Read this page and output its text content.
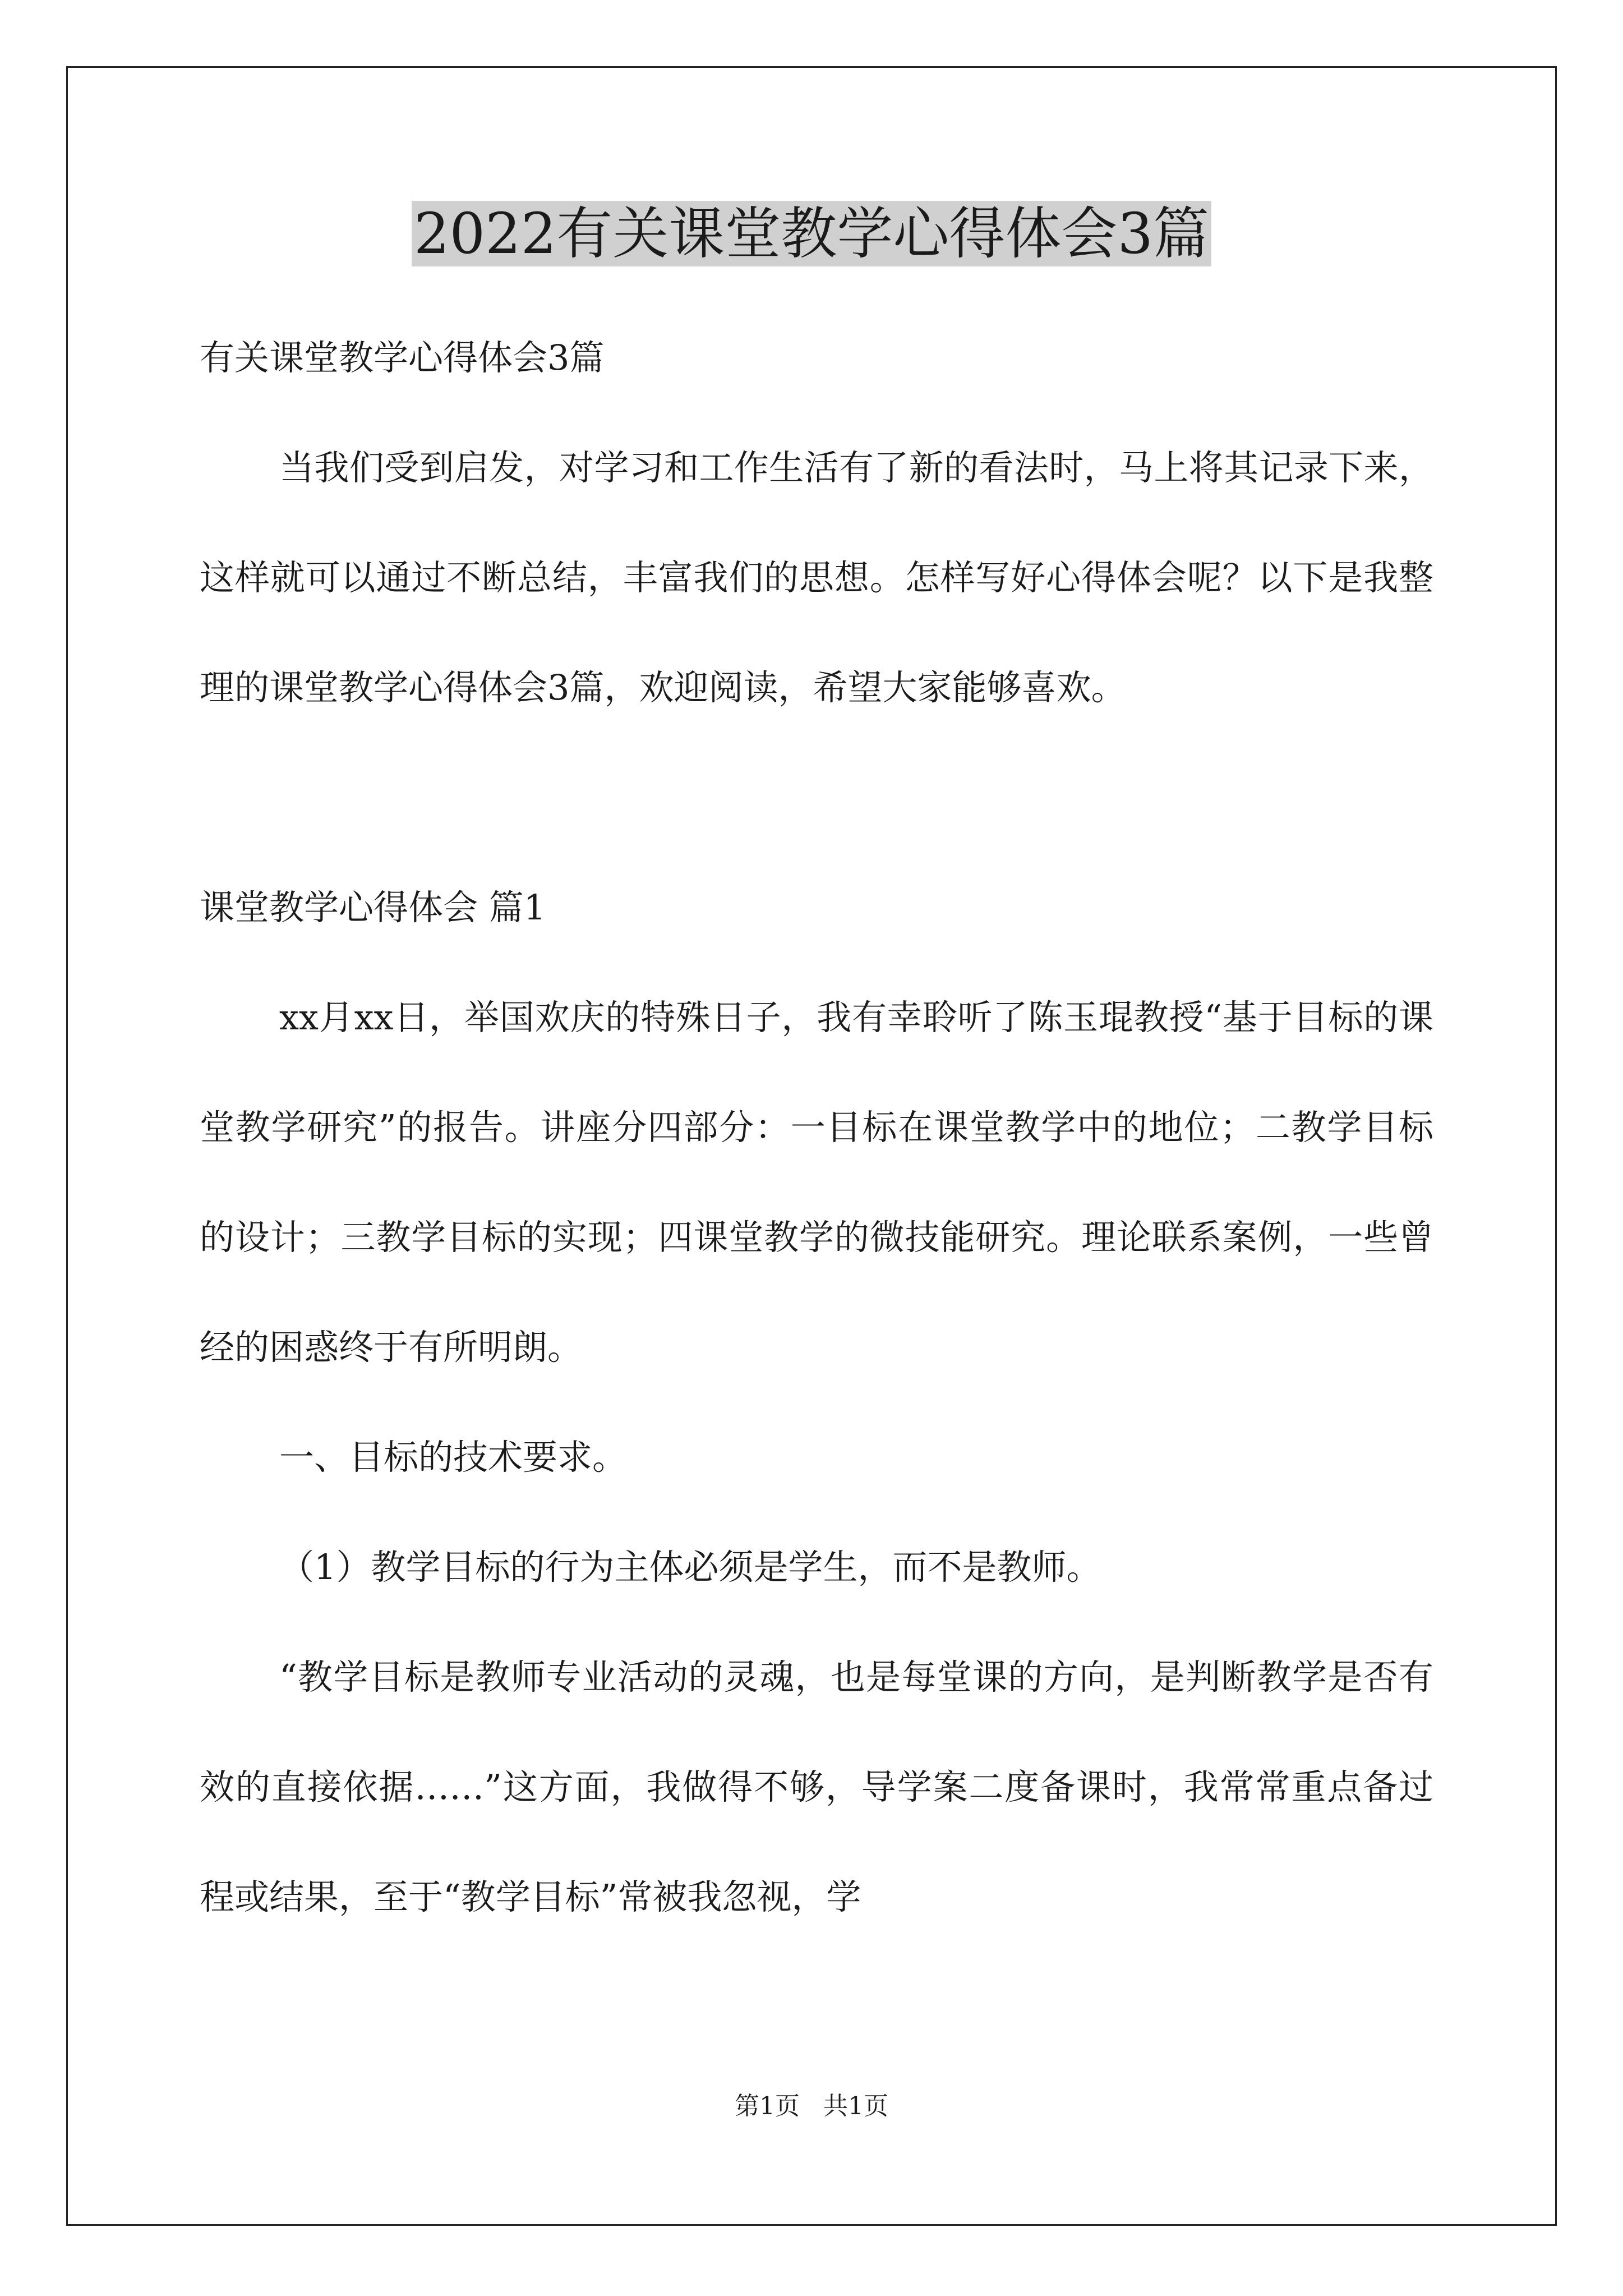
2022有关课堂教学心得体会3篇

有关课堂教学心得体会3篇

当我们受到启发，对学习和工作生活有了新的看法时，马上将其记录下来，这样就可以通过不断总结，丰富我们的思想。怎样写好心得体会呢？以下是我整理的课堂教学心得体会3篇，欢迎阅读，希望大家能够喜欢。

课堂教学心得体会 篇1

xx月xx日，举国欢庆的特殊日子，我有幸聆听了陈玉琨教授“基于目标的课堂教学研究”的报告。讲座分四部分：一目标在课堂教学中的地位；二教学目标的设计；三教学目标的实现；四课堂教学的微技能研究。理论联系案例，一些曾经的困惑终于有所明朗。

一、目标的技术要求。

（1）教学目标的行为主体必须是学生，而不是教师。

“教学目标是教师专业活动的灵魂，也是每堂课的方向，是判断教学是否有效的直接依据……”这方面，我做得不够，导学案二度备课时，我常常重点备过程或结果，至于“教学目标”常被我忽视，学

第1页 共1页
